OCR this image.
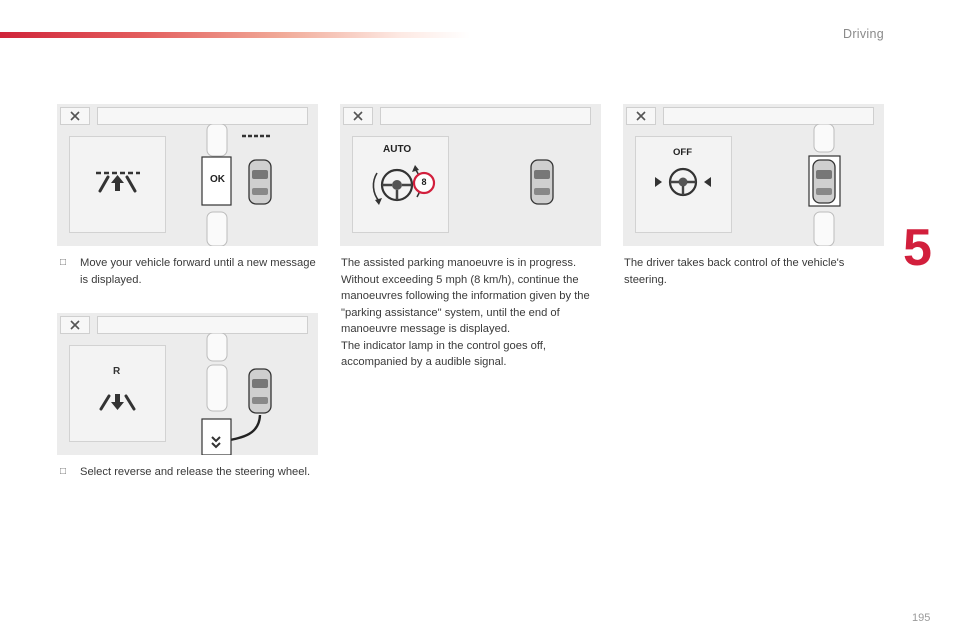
Driving
5
195
OK
R
AUTO
8
OFF
□ Move your vehicle forward until a new message is displayed.
□ Select reverse and release the steering wheel.

The assisted parking manoeuvre is in progress. Without exceeding 5 mph (8 km/h), continue the manoeuvres following the information given by the "parking assistance" system, until the end of manoeuvre message is displayed.

The indicator lamp in the control goes off, accompanied by a audible signal.

The driver takes back control of the vehicle's steering.
